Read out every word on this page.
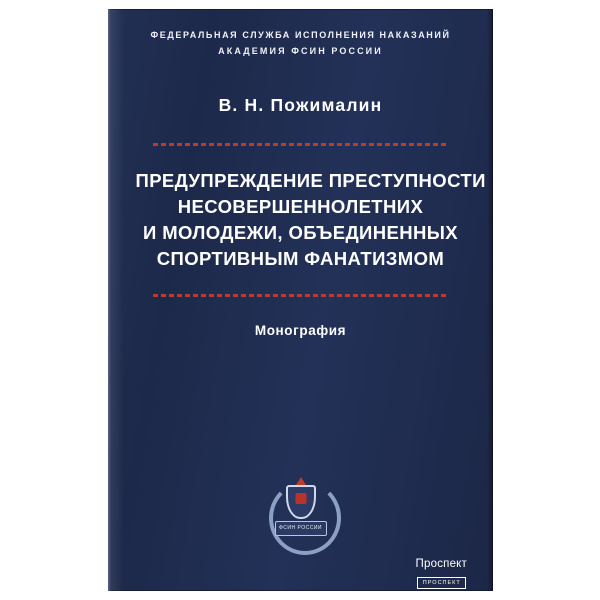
ФЕДЕРАЛЬНАЯ СЛУЖБА ИСПОЛНЕНИЯ НАКАЗАНИЙ
АКАДЕМИЯ ФСИН РОССИИ
В. Н. Пожималин
ПРЕДУПРЕЖДЕНИЕ ПРЕСТУПНОСТИ
НЕСОВЕРШЕННОЛЕТНИХ
И МОЛОДЕЖИ, ОБЪЕДИНЕННЫХ
СПОРТИВНЫМ ФАНАТИЗМОМ
Монография
ФСИН РОССИИ
Проспект
ПРОСПЕКТ
